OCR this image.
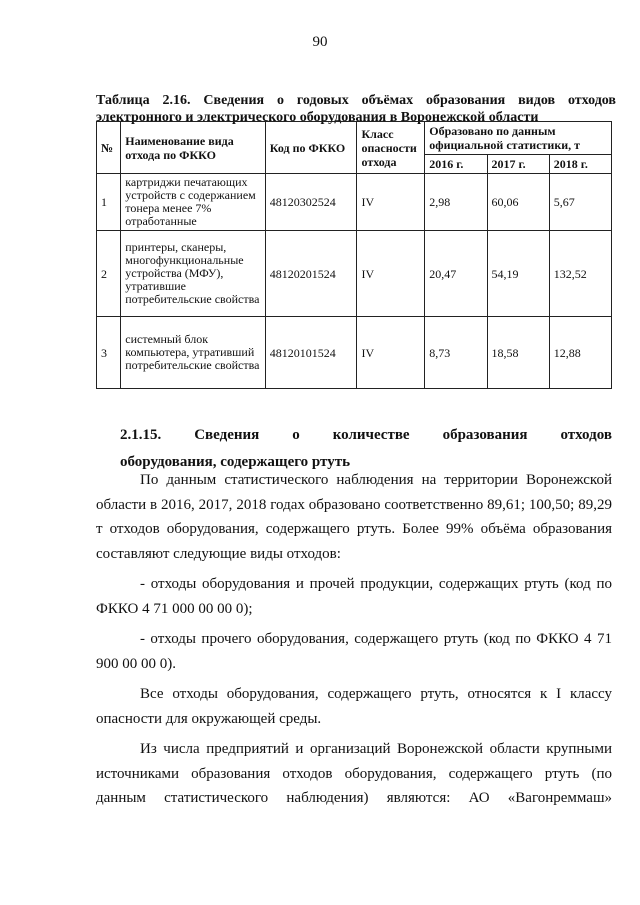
90
Таблица 2.16. Сведения о годовых объёмах образования видов отходов электронного и электрического оборудования в Воронежской области
№	Наименование вида отхода по ФККО	Код по ФККО	Класс опасности отхода	Образовано по данным официальной статистики, т		
				2016 г.	2017 г.	2018 г.
1	картриджи печатающих устройств с содержанием тонера менее 7% отработанные	48120302524	IV	2,98	60,06	5,67
2	принтеры, сканеры, многофункциональные устройства (МФУ), утратившие потребительские свойства	48120201524	IV	20,47	54,19	132,52
3	системный блок компьютера, утративший потребительские свойства	48120101524	IV	8,73	18,58	12,88
2.1.15. Сведения о количестве образования отходов
оборудования, содержащего ртуть

По данным статистического наблюдения на территории Воронежской области в 2016, 2017, 2018 годах образовано соответственно 89,61; 100,50; 89,29 т отходов оборудования, содержащего ртуть. Более 99% объёма образования составляют следующие виды отходов:

- отходы оборудования и прочей продукции, содержащих ртуть (код по ФККО 4 71 000 00 00 0);

- отходы прочего оборудования, содержащего ртуть (код по ФККО 4 71 900 00 00 0).

Все отходы оборудования, содержащего ртуть, относятся к I классу опасности для окружающей среды.

Из числа предприятий и организаций Воронежской области крупными источниками образования отходов оборудования, содержащего ртуть (по данным статистического наблюдения) являются: АО «Вагонреммаш»
